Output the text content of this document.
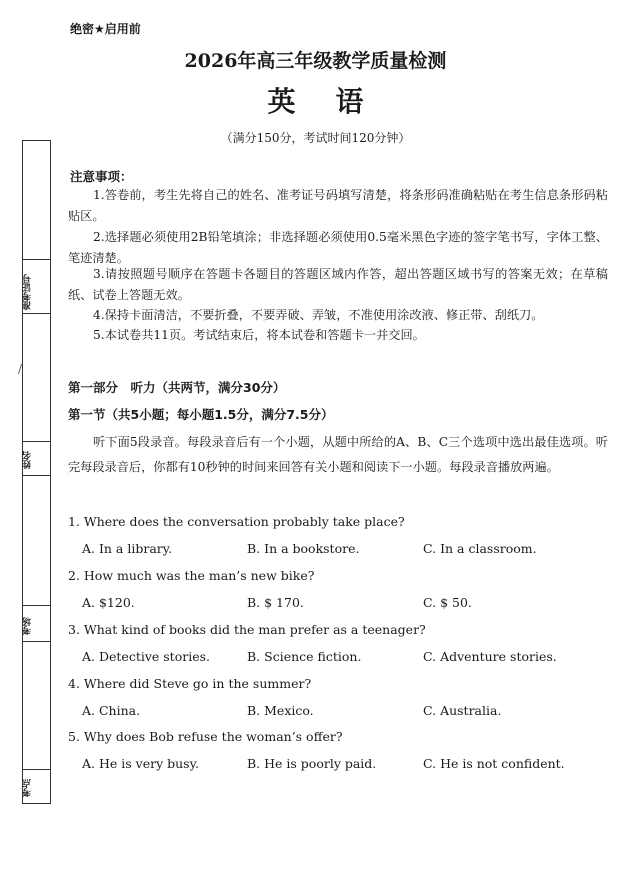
绝密★启用前
2026年高三年级教学质量检测
英语
（满分150分，考试时间120分钟）
注意事项：
1.答卷前，考生先将自己的姓名、准考证号码填写清楚，将条形码准确粘贴在考生信息条形码粘贴区。
2.选择题必须使用2B铅笔填涂；非选择题必须使用0.5毫米黑色字迹的签字笔书写，字体工整、笔迹清楚。
3.请按照题号顺序在答题卡各题目的答题区域内作答，超出答题区域书写的答案无效；在草稿纸、试卷上答题无效。
4.保持卡面清洁，不要折叠，不要弄破、弄皱，不准使用涂改液、修正带、刮纸刀。
5.本试卷共11页。考试结束后，将本试卷和答题卡一并交回。
第一部分　听力（共两节，满分30分）
第一节（共5小题；每小题1.5分，满分7.5分）
听下面5段录音。每段录音后有一个小题，从题中所给的A、B、C三个选项中选出最佳选项。听完每段录音后，你都有10秒钟的时间来回答有关小题和阅读下一小题。每段录音播放两遍。
1. Where does the conversation probably take place?
A. In a library.	B. In a bookstore.	C. In a classroom.
2. How much was the man’s new bike?
A. $120.	B. $ 170.	C. $ 50.
3. What kind of books did the man prefer as a teenager?
A. Detective stories.	B. Science fiction.	C. Adventure stories.
4. Where did Steve go in the summer?
A. China.	B. Mexico.	C. Australia.
5. Why does Bob refuse the woman’s offer?
A. He is very busy.	B. He is poorly paid.	C. He is not confident.
准考证号
姓名
考场
考点
/
